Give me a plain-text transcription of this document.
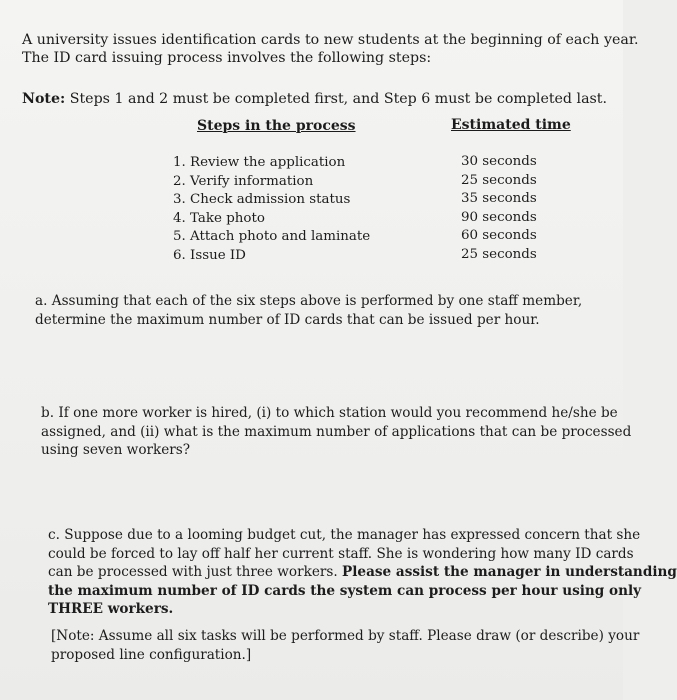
A university issues identification cards to new students at the beginning of each year.
The ID card issuing process involves the following steps:
Note: Steps 1 and 2 must be completed first, and Step 6 must be completed last.
Steps in the process	Estimated time
1. Review the application
2. Verify information
3. Check admission status
4. Take photo
5. Attach photo and laminate
6. Issue ID
30 seconds
25 seconds
35 seconds
90 seconds
60 seconds
25 seconds

a. Assuming that each of the six steps above is performed by one staff member,

determine the maximum number of ID cards that can be issued per hour.

b. If one more worker is hired, (i) to which station would you recommend he/she be

assigned, and (ii) what is the maximum number of applications that can be processed

using seven workers?

c. Suppose due to a looming budget cut, the manager has expressed concern that she

could be forced to lay off half her current staff. She is wondering how many ID cards

can be processed with just three workers. Please assist the manager in understanding

the maximum number of ID cards the system can process per hour using only

THREE workers.

[Note: Assume all six tasks will be performed by staff. Please draw (or describe) your

proposed line configuration.]
